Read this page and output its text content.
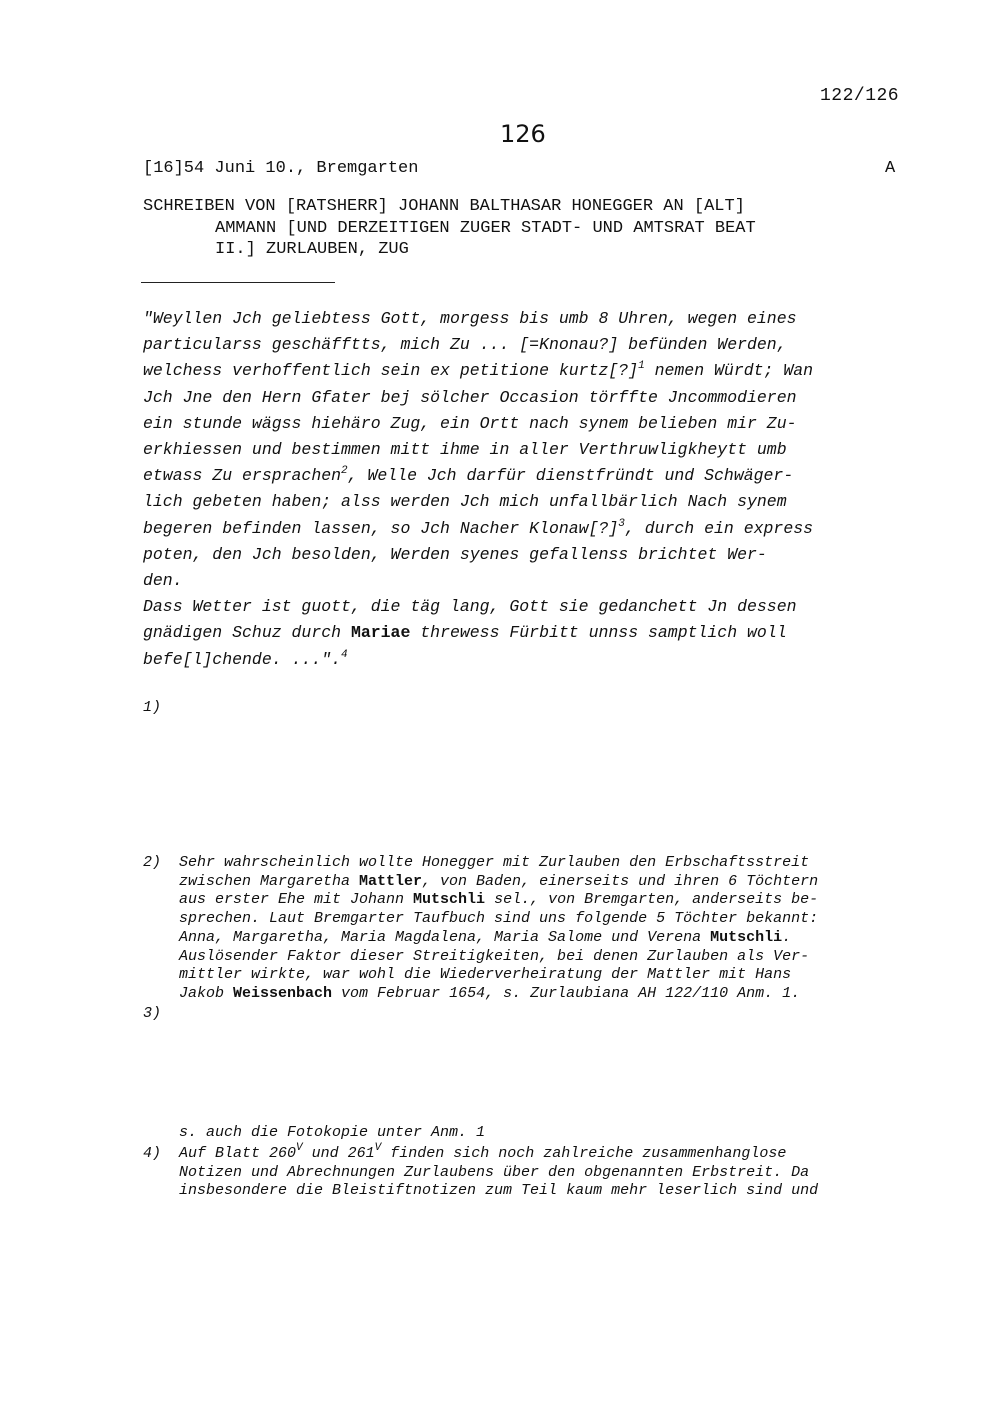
122/126
126
[16]54 Juni 10., Bremgarten	A
SCHREIBEN VON [RATSHERR] JOHANN BALTHASAR HONEGGER AN [ALT]
AMMANN [UND DERZEITIGEN ZUGER STADT- UND AMTSRAT BEAT
II.] ZURLAUBEN, ZUG
"Weyllen Jch geliebtess Gott, morgess bis umb 8 Uhren, wegen eines
particularss geschäfftts, mich Zu ... [=Knonau?] befünden Werden,
welchess verhoffentlich sein ex petitione kurtz[?]$^1$ nemen Würdt; Wan
Jch Jne den Hern Gfater bej sölcher Occasion törffte Jncommodieren
ein stunde wägss hiehäro Zug, ein Ortt nach synem belieben mir Zu-
erkhiessen und bestimmen mitt ihme in aller Verthruwligkheytt umb
etwass Zu ersprachen$^2$, Welle Jch darfür dienstfründt und Schwäger-
lich gebeten haben; alss werden Jch mich unfallbärlich Nach synem
begeren befinden lassen, so Jch Nacher Klonaw[?]$^3$, durch ein express
poten, den Jch besolden, Werden syenes gefallenss brichtet Wer-
den.
Dass Wetter ist guott, die täg lang, Gott sie gedanchett Jn dessen
gnädigen Schuz durch Mariae threwess Fürbitt unnss samptlich woll
befe[l]chende. ...".$^4$
1)
2) Sehr wahrscheinlich wollte Honegger mit Zurlauben den Erbschaftsstreit
zwischen Margaretha Mattler, von Baden, einerseits und ihren 6 Töchtern
aus erster Ehe mit Johann Mutschli sel., von Bremgarten, anderseits be-
sprechen. Laut Bremgarter Taufbuch sind uns folgende 5 Töchter bekannt:
Anna, Margaretha, Maria Magdalena, Maria Salome und Verena Mutschli.
Auslösender Faktor dieser Streitigkeiten, bei denen Zurlauben als Ver-
mittler wirkte, war wohl die Wiederverheiratung der Mattler mit Hans
Jakob Weissenbach vom Februar 1654, s. Zurlaubiana AH 122/110 Anm. 1.
3)
s. auch die Fotokopie unter Anm. 1
4) Auf Blatt $260^V$ und $261^V$ finden sich noch zahlreiche zusammenhanglose
Notizen und Abrechnungen Zurlaubens über den obgenannten Erbstreit. Da
insbesondere die Bleistiftnotizen zum Teil kaum mehr leserlich sind und
